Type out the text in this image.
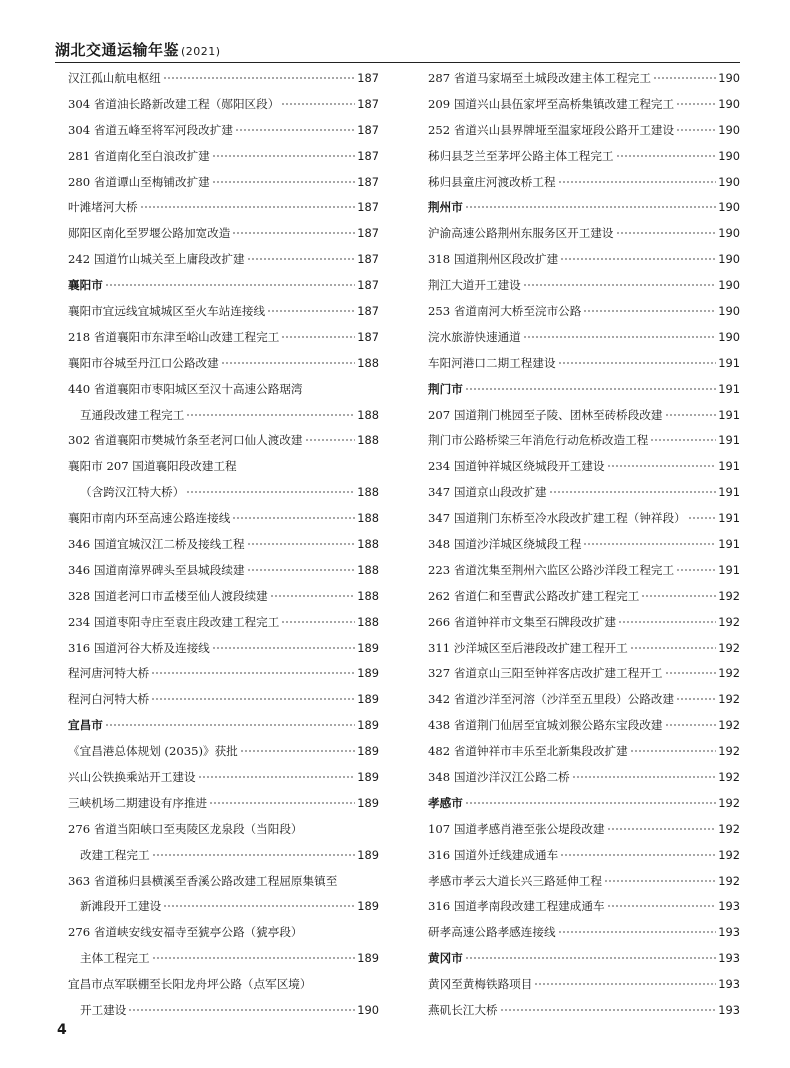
湖北交通运输年鉴 (2021)
汉江孤山航电枢纽	187
304 省道油长路新改建工程（郧阳区段）	187
304 省道五峰至将军河段改扩建	187
281 省道南化至白浪改扩建	187
280 省道谭山至梅铺改扩建	187
叶滩堵河大桥	187
郧阳区南化至罗堰公路加宽改造	187
242 国道竹山城关至上庸段改扩建	187
襄阳市	187
襄阳市宜远线宜城城区至火车站连接线	187
218 省道襄阳市东津至峪山改建工程完工	187
襄阳市谷城至丹江口公路改建	188
440 省道襄阳市枣阳城区至汉十高速公路琚湾
互通段改建工程完工	188
302 省道襄阳市樊城竹条至老河口仙人渡改建	188
襄阳市 207 国道襄阳段改建工程
（含跨汉江特大桥）	188
襄阳市南内环至高速公路连接线	188
346 国道宜城汉江二桥及接线工程	188
346 国道南漳界碑头至县城段续建	188
328 国道老河口市孟楼至仙人渡段续建	188
234 国道枣阳寺庄至袁庄段改建工程完工	188
316 国道河谷大桥及连接线	189
程河唐河特大桥	189
程河白河特大桥	189
宜昌市	189
《宜昌港总体规划 (2035)》获批	189
兴山公铁换乘站开工建设	189
三峡机场二期建设有序推进	189
276 省道当阳峡口至夷陵区龙泉段（当阳段）
改建工程完工	189
363 省道秭归县横溪至香溪公路改建工程屈原集镇至
新滩段开工建设	189
276 省道峡安线安福寺至猇亭公路（猇亭段）
主体工程完工	189
宜昌市点军联棚至长阳龙舟坪公路（点军区境）
开工建设	190
287 省道马家塥至土城段改建主体工程完工	190
209 国道兴山县伍家坪至高桥集镇改建工程完工	190
252 省道兴山县界牌垭至温家垭段公路开工建设	190
秭归县芝兰至茅坪公路主体工程完工	190
秭归县童庄河渡改桥工程	190
荆州市	190
沪渝高速公路荆州东服务区开工建设	190
318 国道荆州区段改扩建	190
荆江大道开工建设	190
253 省道南河大桥至浣市公路	190
浣水旅游快速通道	190
车阳河港口二期工程建设	191
荆门市	191
207 国道荆门桃园至子陵、团林至砖桥段改建	191
荆门市公路桥梁三年消危行动危桥改造工程	191
234 国道钟祥城区绕城段开工建设	191
347 国道京山段改扩建	191
347 国道荆门东桥至冷水段改扩建工程（钟祥段）	191
348 国道沙洋城区绕城段工程	191
223 省道沈集至荆州六监区公路沙洋段工程完工	191
262 省道仁和至曹武公路改扩建工程完工	192
266 省道钟祥市文集至石牌段改扩建	192
311 沙洋城区至后港段改扩建工程开工	192
327 省道京山三阳至钟祥客店改扩建工程开工	192
342 省道沙洋至河溶（沙洋至五里段）公路改建	192
438 省道荆门仙居至宜城刘猴公路东宝段改建	192
482 省道钟祥市丰乐至北新集段改扩建	192
348 国道沙洋汉江公路二桥	192
孝感市	192
107 国道孝感肖港至张公堤段改建	192
316 国道外迁线建成通车	192
孝感市孝云大道长兴三路延伸工程	192
316 国道孝南段改建工程建成通车	193
研孝高速公路孝感连接线	193
黄冈市	193
黄冈至黄梅铁路项目	193
燕矶长江大桥	193
4
